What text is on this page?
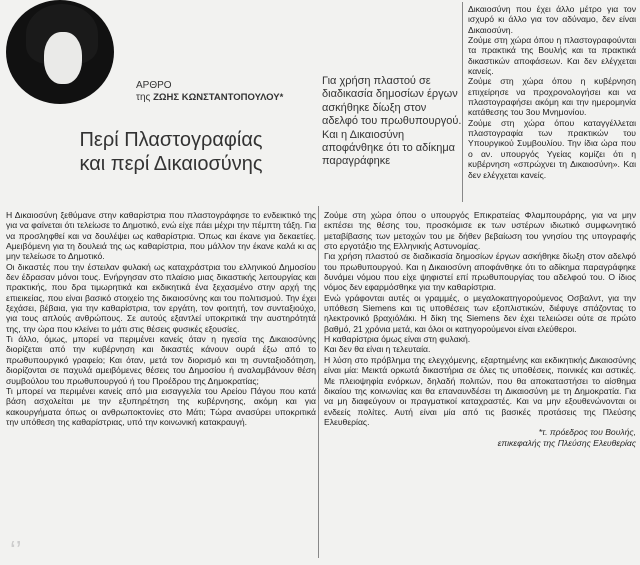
ΑΡΘΡΟ
της ΖΩΗΣ ΚΩΝΣΤΑΝΤΟΠΟΥΛΟΥ*
Περί Πλαστογραφίας
και περί Δικαιοσύνης
Για χρήση πλαστού σε διαδικασία δημοσίων έργων ασκήθηκε δίωξη στον αδελφό του πρωθυπουργού. Και η Δικαιοσύνη αποφάνθηκε ότι το αδίκημα παραγράφηκε

Δικαιοσύνη που έχει άλλο μέτρο για τον ισχυρό κι άλλο για τον αδύναμο, δεν είναι Δικαιοσύνη.

Ζούμε στη χώρα όπου η πλαστογραφούνται τα πρακτικά της Βουλής και τα πρακτικά δικαστικών αποφάσεων. Και δεν ελέγχεται κανείς.

Ζούμε στη χώρα όπου η κυβέρνηση επιχείρησε να προχρονολογήσει και να πλαστογραφήσει ακόμη και την ημερομηνία κατάθεσης του 3ου Μνημονίου.

Ζούμε στη χώρα όπου καταγγέλλεται πλαστογραφία των πρακτικών του Υπουργικού Συμβουλίου. Την ίδια ώρα που ο αν. υπουργός Υγείας κομίζει ότι η κυβέρνηση «σπρώχνει τη Δικαιοσύνη». Και δεν ελέγχεται κανείς.

Η Δικαιοσύνη ξεθύμανε στην καθαρίστρια που πλαστογράφησε το ενδεικτικό της για να φαίνεται ότι τελείωσε το Δημοτικό, ενώ είχε πάει μέχρι την πέμπτη τάξη. Για να προσληφθεί και να δουλέψει ως καθαρίστρια. Όπως και έκανε για δεκαετίες. Αμειβόμενη για τη δουλειά της ως καθαρίστρια, που μάλλον την έκανε καλά κι ας μην τελείωσε το Δημοτικό.

Οι δικαστές που την έστειλαν φυλακή ως καταχράστρια του ελληνικού Δημοσίου δεν έδρασαν μόνοι τους. Ενήργησαν στο πλαίσιο μιας δικαστικής λειτουργίας και πρακτικής, που δρα τιμωρητικά και εκδικητικά ένα ξεχασμένο στην αρχή της επιεικείας, που είναι βασικό στοιχείο της δικαιοσύνης και του πολιτισμού. Την έχει ξεχάσει, βέβαια, για την καθαρίστρια, τον εργάτη, τον φοιτητή, τον συνταξιούχο, για τους απλούς ανθρώπους. Σε αυτούς εξαντλεί υποκριτικά την αυστηρότητά της, την ώρα που κλείνει το μάτι στις θέσεις φυσικές εξουσίες.

Τι άλλο, όμως, μπορεί να περιμένει κανείς όταν η ηγεσία της Δικαιοσύνης διορίζεται από την κυβέρνηση και δικαστές κάνουν ουρά έξω από το πρωθυπουργικό γραφείο; Και όταν, μετά τον διορισμό και τη συνταξιοδότηση, διορίζονται σε παχυλά αμειβόμενες θέσεις του Δημοσίου ή αναλαμβάνουν θέση συμβούλου του πρωθυπουργού ή του Προέδρου της Δημοκρατίας;

Τι μπορεί να περιμένει κανείς από μια εισαγγελία του Αρείου Πάγου που κατά βάση ασχολείται με την εξυπηρέτηση της κυβέρνησης, ακόμη και για κακουργήματα όπως οι ανθρωποκτονίες στο Μάτι; Τώρα ανασύρει υποκριτικά την υπόθεση της καθαρίστριας, υπό την κοινωνική κατακραυγή.

Ζούμε στη χώρα όπου ο υπουργός Επικρατείας Φλαμπουράρης, για να μην εκπέσει της θέσης του, προσκόμισε εκ των υστέρων ιδιωτικό συμφωνητικό μεταβίβασης των μετοχών του με δήθεν βεβαίωση του γνησίου της υπογραφής στο εργοτάξιο της Ελληνικής Αστυνομίας.

Για χρήση πλαστού σε διαδικασία δημοσίων έργων ασκήθηκε δίωξη στον αδελφό του πρωθυπουργού. Και η Δικαιοσύνη αποφάνθηκε ότι το αδίκημα παραγράφηκε δυνάμει νόμου που είχε ψηφιστεί επί πρωθυπουργίας του αδελφού του. Ο ίδιος νόμος δεν εφαρμόσθηκε για την καθαρίστρια.

Ενώ γράφονται αυτές οι γραμμές, ο μεγαλοκατηγορούμενος Οσβαλντ, για την υπόθεση Siemens και τις υποθέσεις των εξοπλιστικών, διέφυγε σπάζοντας το ηλεκτρονικό βραχιόλάκι. Η δίκη της Siemens δεν έχει τελειώσει ούτε σε πρώτο βαθμό, 21 χρόνια μετά, και όλοι οι κατηγορούμενοι είναι ελεύθεροι.

Η καθαρίστρια όμως είναι στη φυλακή.

Και δεν θα είναι η τελευταία.

Η λύση στο πρόβλημα της ελεγχόμενης, εξαρτημένης και εκδικητικής Δικαιοσύνης είναι μία: Μεικτά ορκωτά δικαστήρια σε όλες τις υποθέσεις, ποινικές και αστικές. Με πλειοψηφία ενόρκων, δηλαδή πολιτών, που θα αποκαταστήσει το αίσθημα δικαίου της κοινωνίας και θα επαναυνδέσει τη Δικαιοσύνη με τη Δημοκρατία. Για να μη διαφεύγουν οι πραγματικοί καταχραστές. Και να μην εξουθενώνονται οι ενδεείς πολίτες. Αυτή είναι μία από τις βασικές προτάσεις της Πλεύσης Ελευθερίας.

*τ. πρόεδρος του Βουλής,
επικεφαλής της Πλεύσης Ελευθερίας
‘’
